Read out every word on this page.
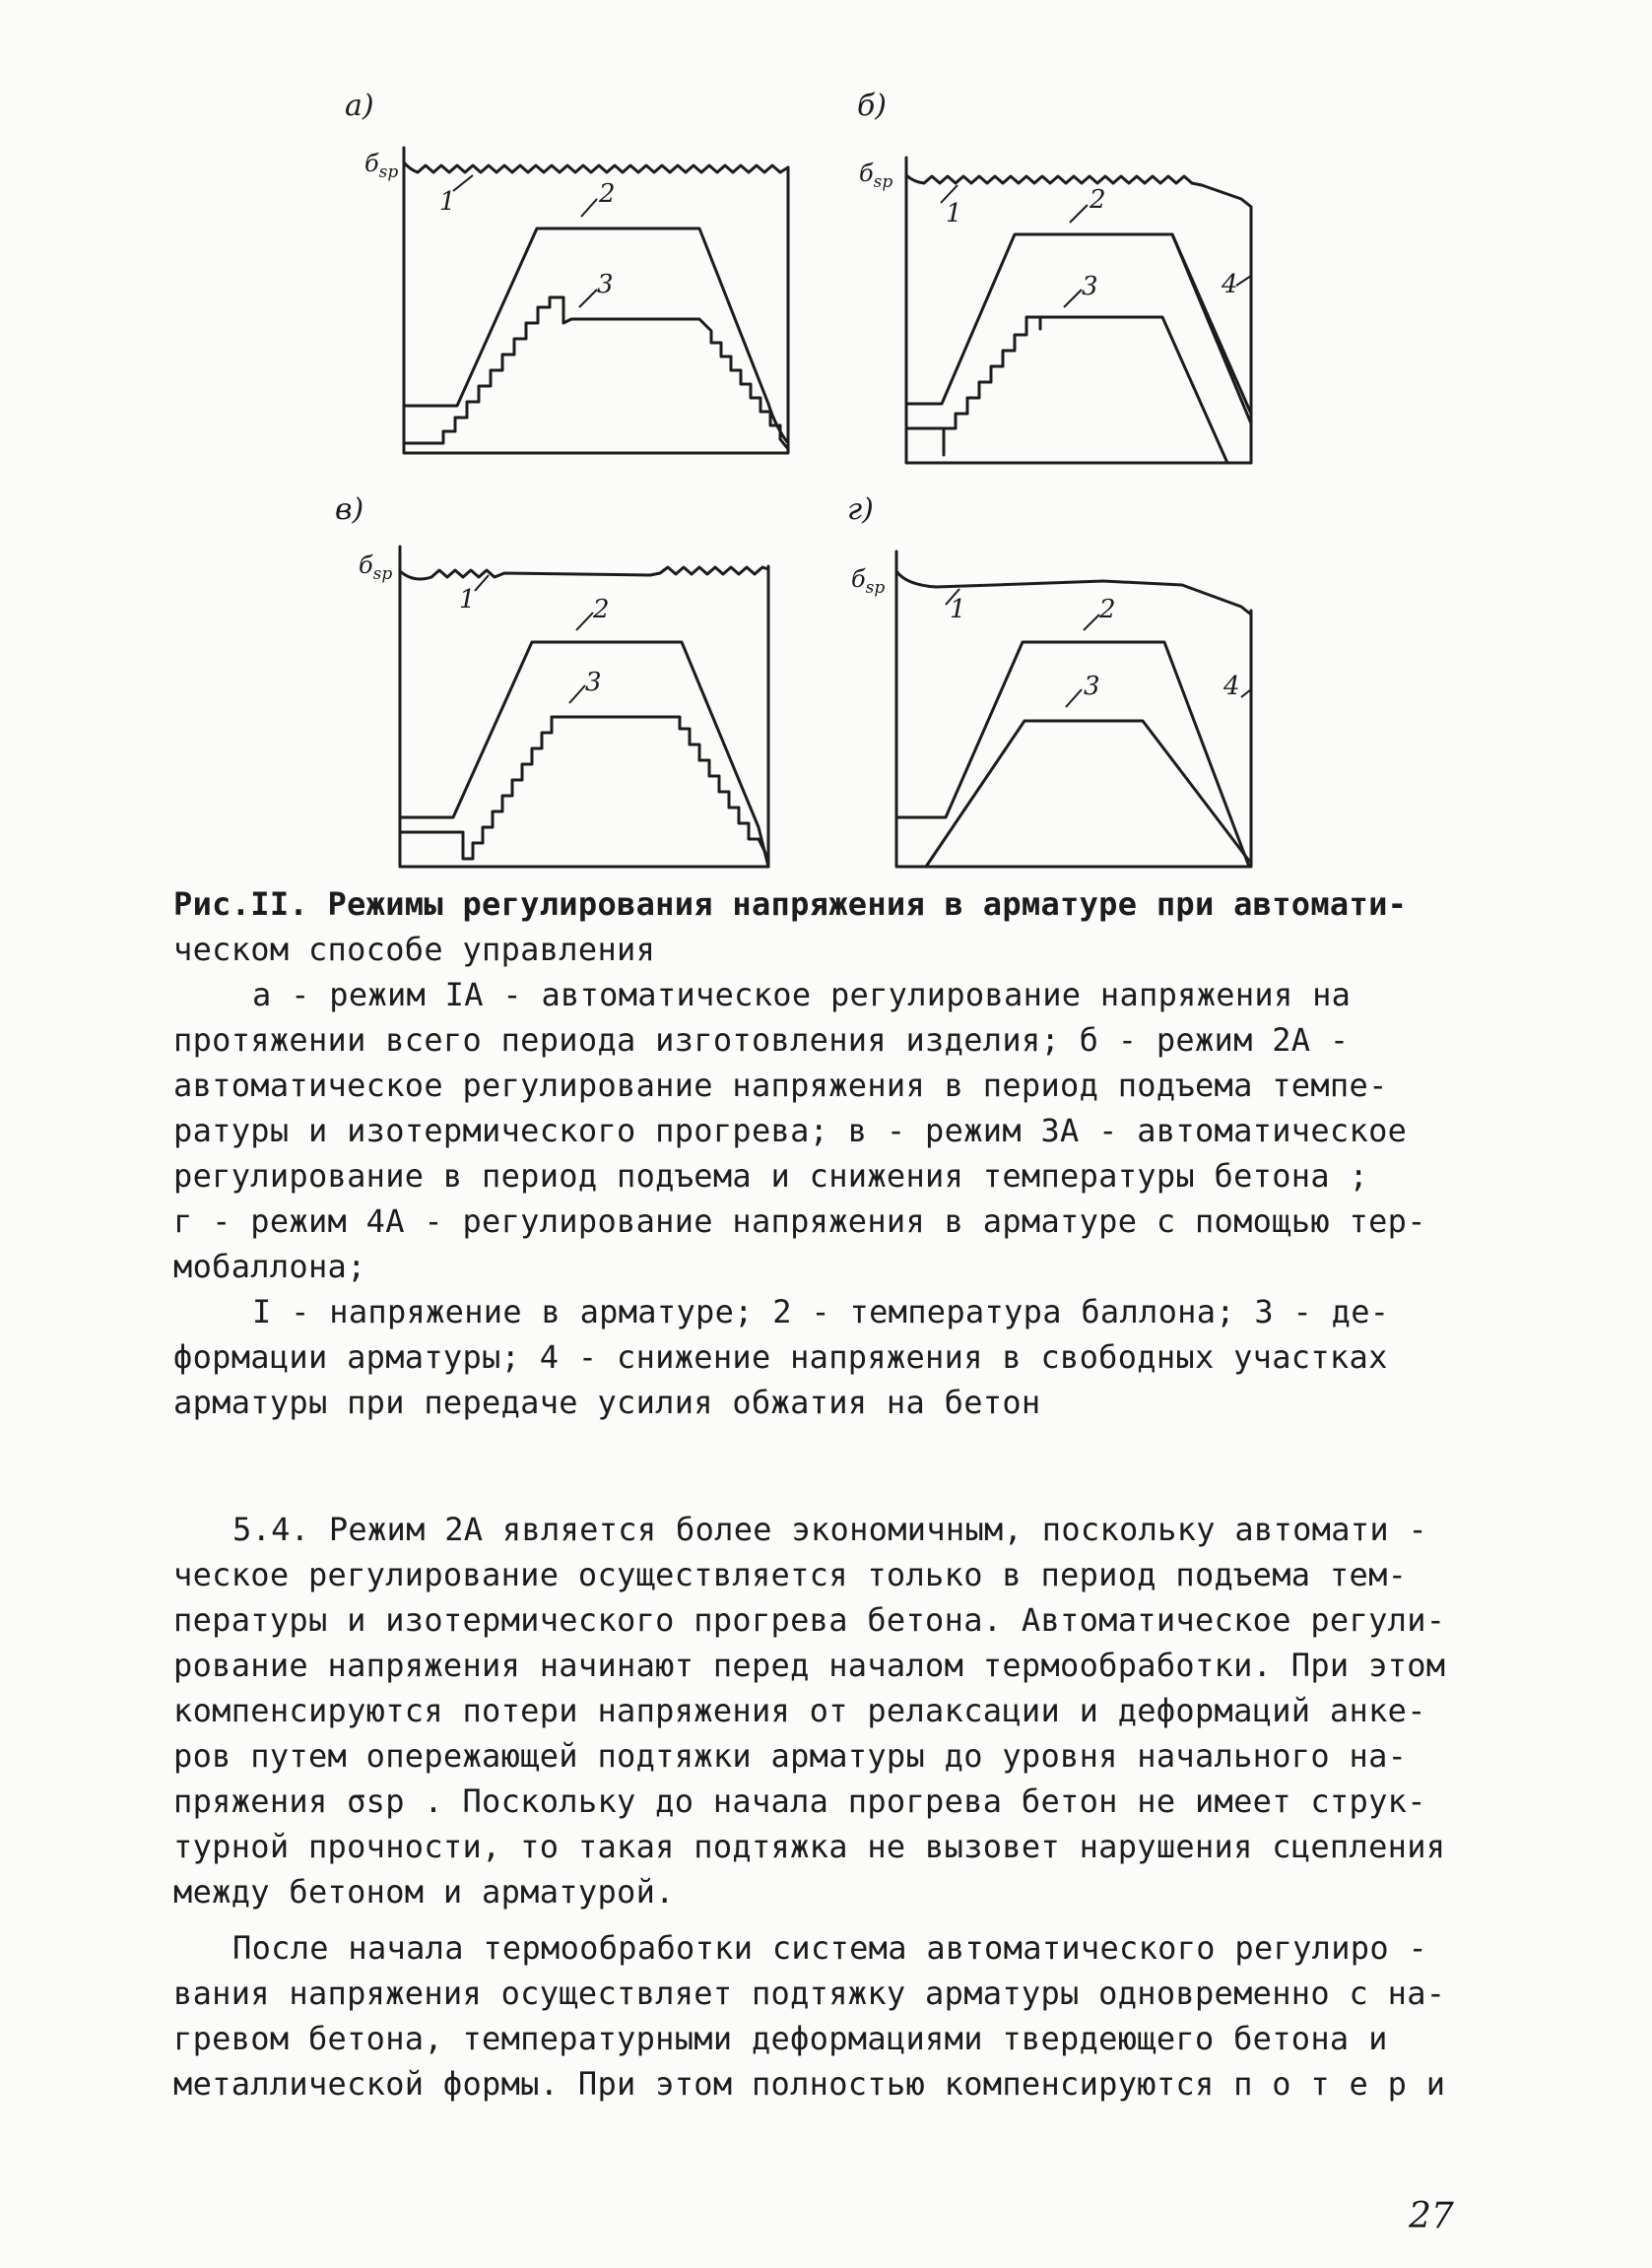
а)
$б_{sp}$
1	2
3
б)
$б_{sp}$
1	2
3	4
в)
$б_{sp}$
1	2
3
г)
$б_{sp}$
1	2
3	4
Рис.II. Режимы регулирования напряжения в арматуре при автомати-
ческом способе управления
а - режим IA - автоматическое регулирование напряжения на
протяжении всего периода изготовления изделия; б - режим 2А -
автоматическое регулирование напряжения в период подъема темпе-
ратуры и изотермического прогрева; в - режим 3А - автоматическое
регулирование в период подъема и снижения температуры бетона ;
г - режим 4А - регулирование напряжения в арматуре с помощью тер-
мобаллона;
I - напряжение в арматуре; 2 - температура баллона; 3 - де-
формации арматуры; 4 - снижение напряжения в свободных участках
арматуры при передаче усилия обжатия на бетон
5.4. Режим 2А является более экономичным, поскольку автомати -
ческое регулирование осуществляется только в период подъема тем-
пературы и изотермического прогрева бетона. Автоматическое регули-
рование напряжения начинают перед началом термообработки. При этом
компенсируются потери напряжения от релаксации и деформаций анке-
ров путем опережающей подтяжки арматуры до уровня начального на-
пряжения σsp . Поскольку до начала прогрева бетон не имеет струк-
турной прочности, то такая подтяжка не вызовет нарушения сцепления
между бетоном и арматурой.
После начала термообработки система автоматического регулиро -
вания напряжения осуществляет подтяжку арматуры одновременно с на-
гревом бетона, температурными деформациями твердеющего бетона и
металлической формы. При этом полностью компенсируются п о т е р и
27
